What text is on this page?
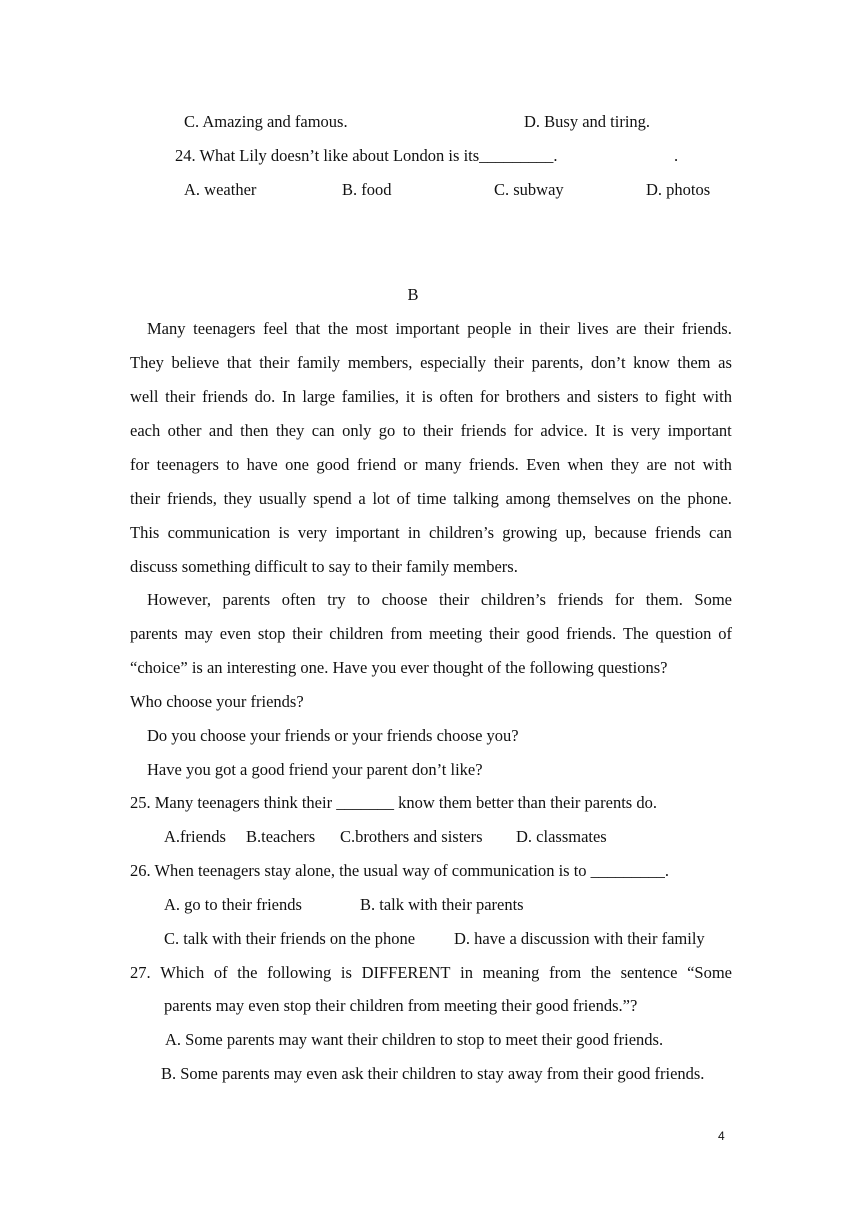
C. Amazing and famous.	D. Busy and tiring.
24. What Lily doesn’t like about London is its_________.	.
A. weather	B. food	C. subway	D. photos
B
Many teenagers feel that the most important people in their lives are their friends.
They believe that their family members, especially their parents, don’t know them as
well their friends do. In large families, it is often for brothers and sisters to fight with
each other and then they can only go to their friends for advice. It is very important
for teenagers to have one good friend or many friends. Even when they are not with
their friends, they usually spend a lot of time talking among themselves on the phone.
This communication is very important in children’s growing up, because friends can
discuss something difficult to say to their family members.
However, parents often try to choose their children’s friends for them. Some
parents may even stop their children from meeting their good friends. The question of
“choice” is an interesting one. Have you ever thought of the following questions?
Who choose your friends?
Do you choose your friends or your friends choose you?
Have you got a good friend your parent don’t like?
25. Many teenagers think their _______ know them better than their parents do.
A.friends B.teachers C.brothers and sisters D. classmates
26. When teenagers stay alone, the usual way of communication is to _________.
A. go to their friends	B. talk with their parents
C. talk with their friends on the phone D. have a discussion with their family
27. Which of the following is DIFFERENT in meaning from the sentence “Some
parents may even stop their children from meeting their good friends.”?
A. Some parents may want their children to stop to meet their good friends.
B. Some parents may even ask their children to stay away from their good friends.
4
